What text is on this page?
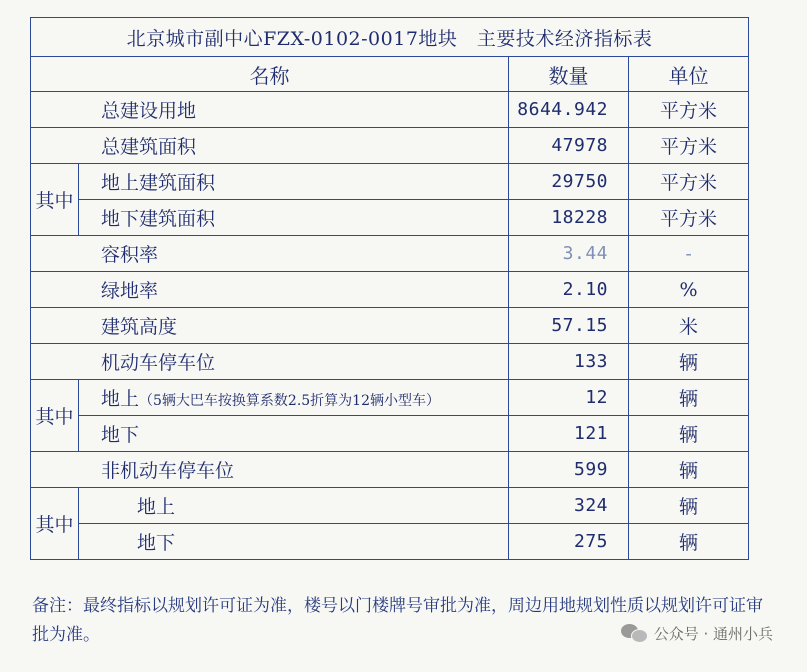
北京城市副中心FZX-0102-0017地块　主要技术经济指标表			
名称		数量	单位
总建设用地		8644.942	平方米
总建筑面积		47978	平方米
其中	地上建筑面积	29750	平方米
	地下建筑面积	18228	平方米
容积率		3.44	-
绿地率		2.10	%
建筑高度		57.15	米
机动车停车位		133	辆
其中	地上（5辆大巴车按换算系数2.5折算为12辆小型车）	12	辆
	地下	121	辆
非机动车停车位		599	辆
其中	地上	324	辆
	地下	275	辆
备注：最终指标以规划许可证为准，楼号以门楼牌号审批为准，周边用地规划性质以规划许可证审批为准。	公众号 · 通州小兵
